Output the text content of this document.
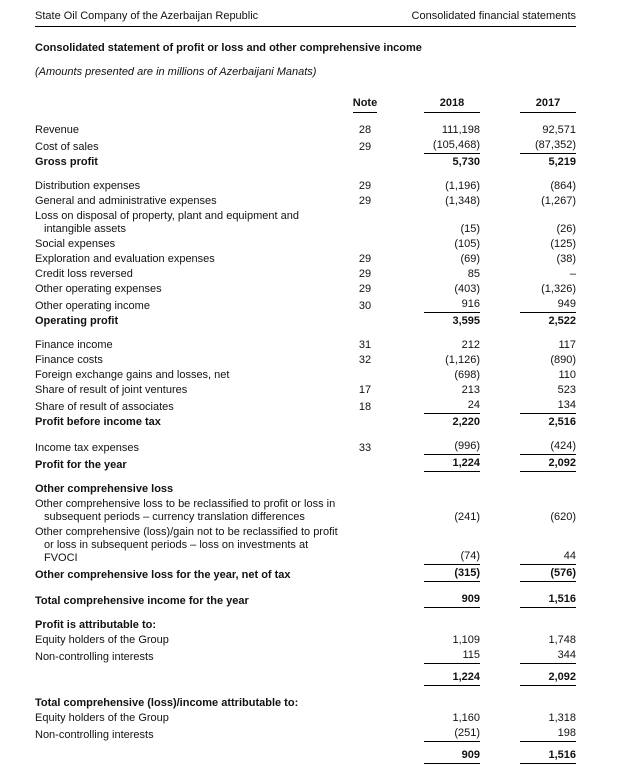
State Oil Company of the Azerbaijan Republic	Consolidated financial statements
Consolidated statement of profit or loss and other comprehensive income
(Amounts presented are in millions of Azerbaijani Manats)
Note	2018	2017
Revenue	28	111,198	92,571
Cost of sales	29	(105,468)	(87,352)
Gross profit	5,730	5,219
Distribution expenses	29	(1,196)	(864)
General and administrative expenses	29	(1,348)	(1,267)
Loss on disposal of property, plant and equipment and intangible assets	(15)	(26)
Social expenses	(105)	(125)
Exploration and evaluation expenses	29	(69)	(38)
Credit loss reversed	29	85	–
Other operating expenses	29	(403)	(1,326)
Other operating income	30	916	949
Operating profit	3,595	2,522
Finance income	31	212	117
Finance costs	32	(1,126)	(890)
Foreign exchange gains and losses, net	(698)	110
Share of result of joint ventures	17	213	523
Share of result of associates	18	24	134
Profit before income tax	2,220	2,516
Income tax expenses	33	(996)	(424)
Profit for the year	1,224	2,092
Other comprehensive loss
Other comprehensive loss to be reclassified to profit or loss in subsequent periods – currency translation differences	(241)	(620)
Other comprehensive (loss)/gain not to be reclassified to profit or loss in subsequent periods – loss on investments at FVOCI	(74)	44
Other comprehensive loss for the year, net of tax	(315)	(576)
Total comprehensive income for the year	909	1,516
Profit is attributable to:
Equity holders of the Group	1,109	1,748
Non-controlling interests	115	344
1,224	2,092
Total comprehensive (loss)/income attributable to:
Equity holders of the Group	1,160	1,318
Non-controlling interests	(251)	198
909	1,516
